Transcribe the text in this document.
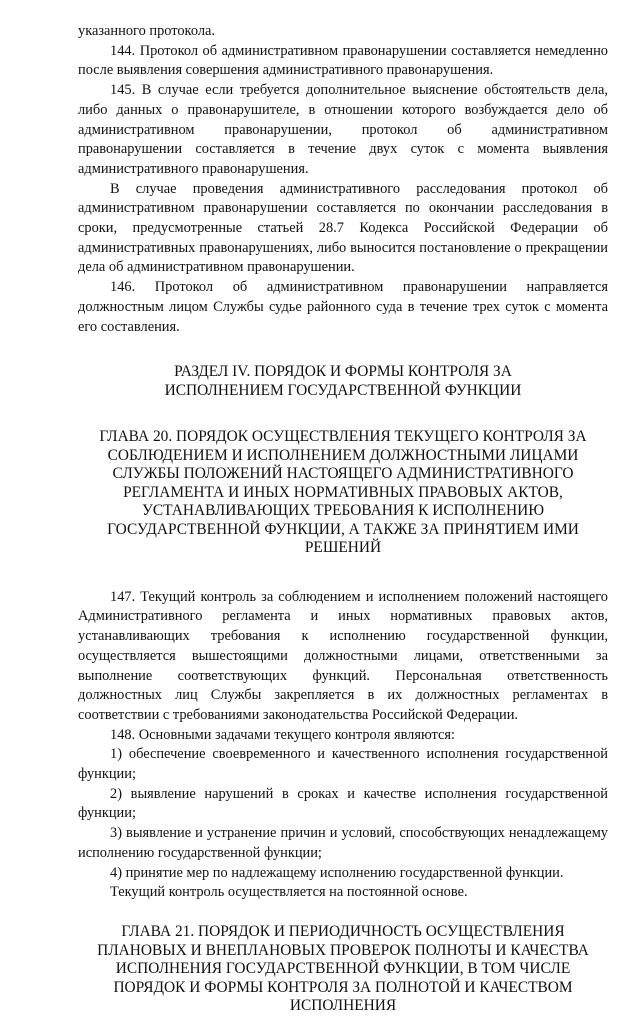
указанного протокола.

144. Протокол об административном правонарушении составляется немедленно после выявления совершения административного правонарушения.

145. В случае если требуется дополнительное выяснение обстоятельств дела, либо данных о правонарушителе, в отношении которого возбуждается дело об административном правонарушении, протокол об административном правонарушении составляется в течение двух суток с момента выявления административного правонарушения.

В случае проведения административного расследования протокол об административном правонарушении составляется по окончании расследования в сроки, предусмотренные статьей 28.7 Кодекса Российской Федерации об административных правонарушениях, либо выносится постановление о прекращении дела об административном правонарушении.

146. Протокол об административном правонарушении направляется должностным лицом Службы судье районного суда в течение трех суток с момента его составления.

РАЗДЕЛ IV. ПОРЯДОК И ФОРМЫ КОНТРОЛЯ ЗА ИСПОЛНЕНИЕМ ГОСУДАРСТВЕННОЙ ФУНКЦИИ
ГЛАВА 20. ПОРЯДОК ОСУЩЕСТВЛЕНИЯ ТЕКУЩЕГО КОНТРОЛЯ ЗА СОБЛЮДЕНИЕМ И ИСПОЛНЕНИЕМ ДОЛЖНОСТНЫМИ ЛИЦАМИ СЛУЖБЫ ПОЛОЖЕНИЙ НАСТОЯЩЕГО АДМИНИСТРАТИВНОГО РЕГЛАМЕНТА И ИНЫХ НОРМАТИВНЫХ ПРАВОВЫХ АКТОВ, УСТАНАВЛИВАЮЩИХ ТРЕБОВАНИЯ К ИСПОЛНЕНИЮ ГОСУДАРСТВЕННОЙ ФУНКЦИИ, А ТАКЖЕ ЗА ПРИНЯТИЕМ ИМИ РЕШЕНИЙ

147. Текущий контроль за соблюдением и исполнением положений настоящего Административного регламента и иных нормативных правовых актов, устанавливающих требования к исполнению государственной функции, осуществляется вышестоящими должностными лицами, ответственными за выполнение соответствующих функций. Персональная ответственность должностных лиц Службы закрепляется в их должностных регламентах в соответствии с требованиями законодательства Российской Федерации.

148. Основными задачами текущего контроля являются:

1) обеспечение своевременного и качественного исполнения государственной функции;

2) выявление нарушений в сроках и качестве исполнения государственной функции;

3) выявление и устранение причин и условий, способствующих ненадлежащему исполнению государственной функции;

4) принятие мер по надлежащему исполнению государственной функции.

Текущий контроль осуществляется на постоянной основе.

ГЛАВА 21. ПОРЯДОК И ПЕРИОДИЧНОСТЬ ОСУЩЕСТВЛЕНИЯ ПЛАНОВЫХ И ВНЕПЛАНОВЫХ ПРОВЕРОК ПОЛНОТЫ И КАЧЕСТВА ИСПОЛНЕНИЯ ГОСУДАРСТВЕННОЙ ФУНКЦИИ, В ТОМ ЧИСЛЕ ПОРЯДОК И ФОРМЫ КОНТРОЛЯ ЗА ПОЛНОТОЙ И КАЧЕСТВОМ ИСПОЛНЕНИЯ
